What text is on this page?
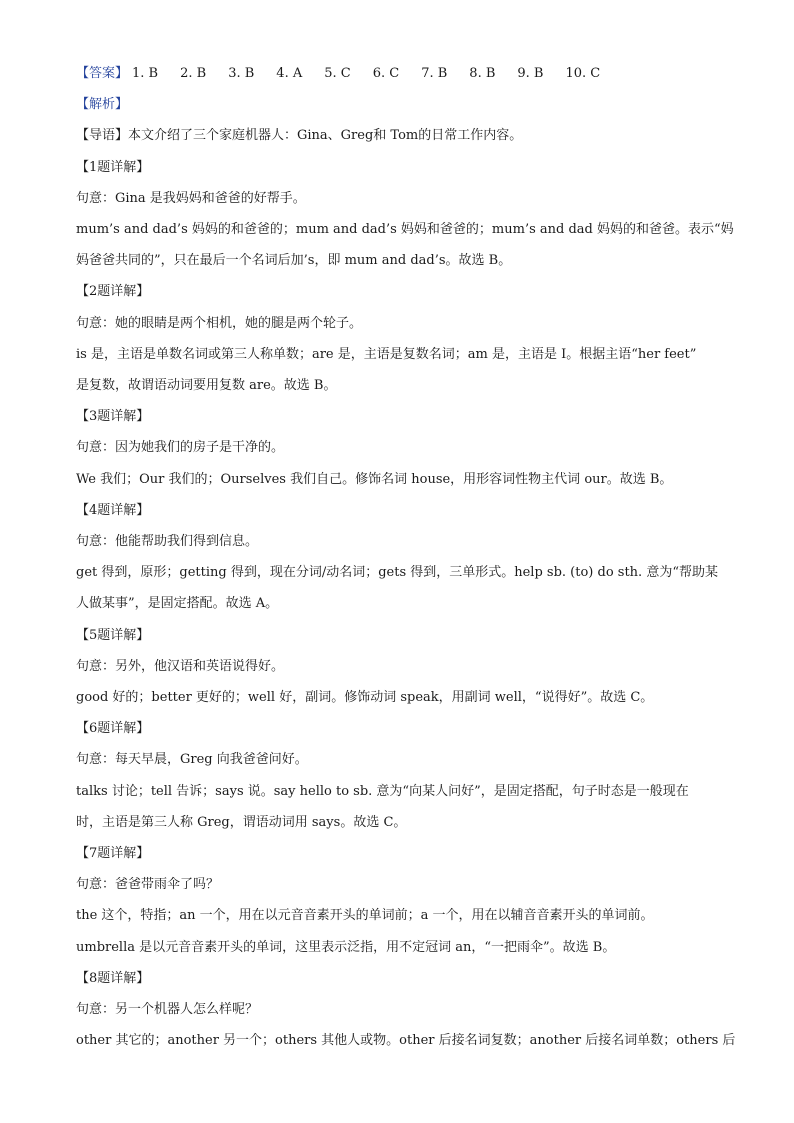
【答案】 1. B 2. B 3. B 4. A 5. C 6. C 7. B 8. B 9. B 10. C
【解析】
【导语】本文介绍了三个家庭机器人：Gina、Greg和 Tom的日常工作内容。
【1题详解】
句意：Gina 是我妈妈和爸爸的好帮手。
mum’s and dad’s 妈妈的和爸爸的；mum and dad’s 妈妈和爸爸的；mum’s and dad 妈妈的和爸爸。表示“妈
妈爸爸共同的”，只在最后一个名词后加’s，即 mum and dad’s。故选 B。
【2题详解】
句意：她的眼睛是两个相机，她的腿是两个轮子。
is 是，主语是单数名词或第三人称单数；are 是，主语是复数名词；am 是，主语是 I。根据主语“her feet”
是复数，故谓语动词要用复数 are。故选 B。
【3题详解】
句意：因为她我们的房子是干净的。
We 我们；Our 我们的；Ourselves 我们自己。修饰名词 house，用形容词性物主代词 our。故选 B。
【4题详解】
句意：他能帮助我们得到信息。
get 得到，原形；getting 得到，现在分词/动名词；gets 得到，三单形式。help sb. (to) do sth. 意为“帮助某
人做某事”，是固定搭配。故选 A。
【5题详解】
句意：另外，他汉语和英语说得好。
good 好的；better 更好的；well 好，副词。修饰动词 speak，用副词 well，“说得好”。故选 C。
【6题详解】
句意：每天早晨，Greg 向我爸爸问好。
talks 讨论；tell 告诉；says 说。say hello to sb. 意为“向某人问好”，是固定搭配，句子时态是一般现在
时，主语是第三人称 Greg，谓语动词用 says。故选 C。
【7题详解】
句意：爸爸带雨伞了吗？
the 这个，特指；an 一个，用在以元音音素开头的单词前；a 一个，用在以辅音音素开头的单词前。
umbrella 是以元音音素开头的单词，这里表示泛指，用不定冠词 an，“一把雨伞”。故选 B。
【8题详解】
句意：另一个机器人怎么样呢？
other 其它的；another 另一个；others 其他人或物。other 后接名词复数；another 后接名词单数；others 后
